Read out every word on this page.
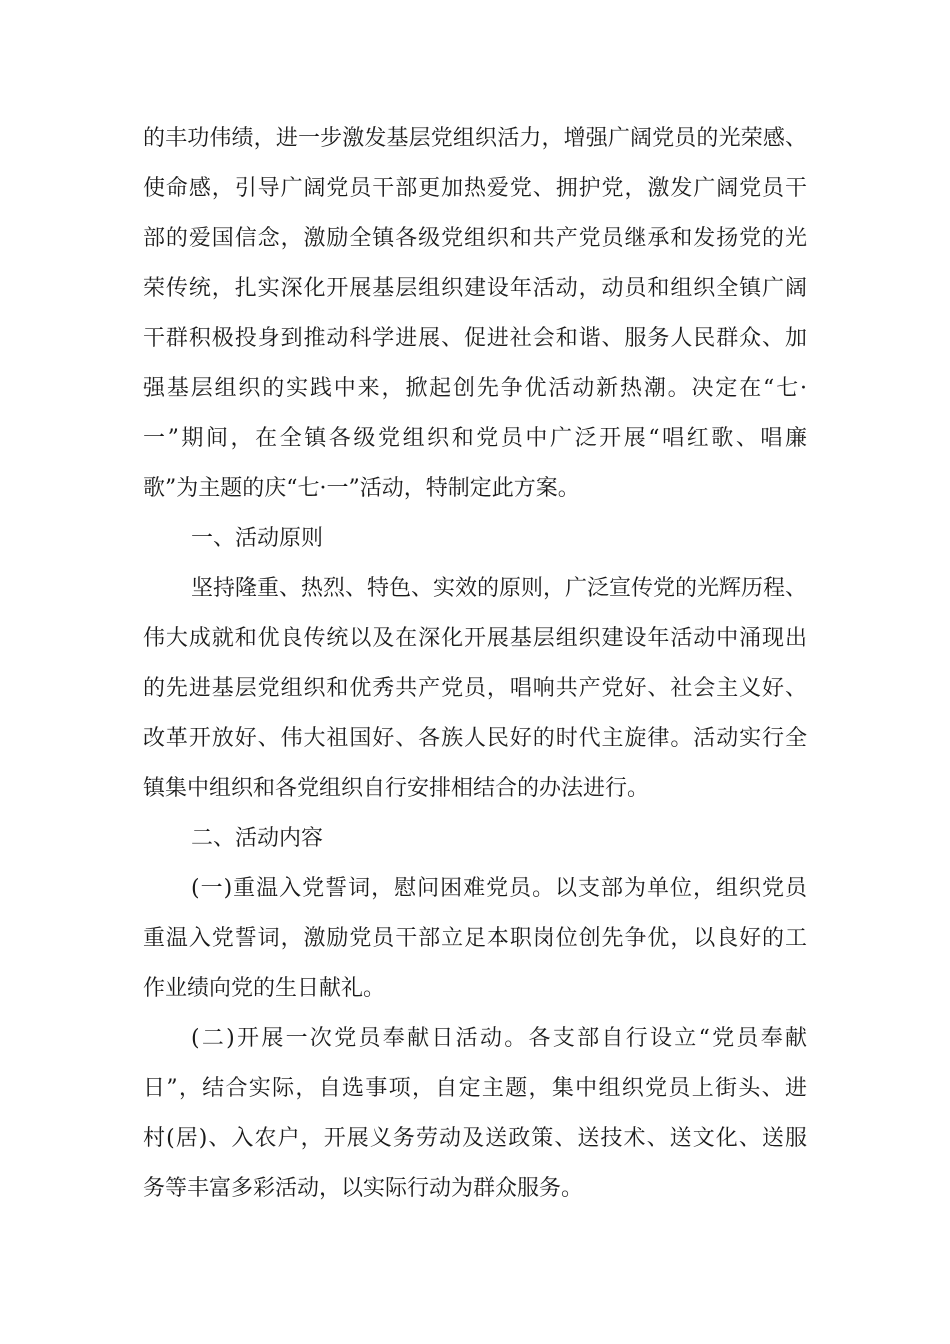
的丰功伟绩，进一步激发基层党组织活力，增强广阔党员的光荣感、
使命感，引导广阔党员干部更加热爱党、拥护党，激发广阔党员干
部的爱国信念，激励全镇各级党组织和共产党员继承和发扬党的光
荣传统，扎实深化开展基层组织建设年活动，动员和组织全镇广阔
干群积极投身到推动科学进展、促进社会和谐、服务人民群众、加
强基层组织的实践中来，掀起创先争优活动新热潮。决定在“七·
一”期间，在全镇各级党组织和党员中广泛开展“唱红歌、唱廉
歌”为主题的庆“七·一”活动，特制定此方案。
一、活动原则
坚持隆重、热烈、特色、实效的原则，广泛宣传党的光辉历程、
伟大成就和优良传统以及在深化开展基层组织建设年活动中涌现出
的先进基层党组织和优秀共产党员，唱响共产党好、社会主义好、
改革开放好、伟大祖国好、各族人民好的时代主旋律。活动实行全
镇集中组织和各党组织自行安排相结合的办法进行。
二、活动内容
(一)重温入党誓词，慰问困难党员。以支部为单位，组织党员
重温入党誓词，激励党员干部立足本职岗位创先争优，以良好的工
作业绩向党的生日献礼。
(二)开展一次党员奉献日活动。各支部自行设立“党员奉献
日”，结合实际，自选事项，自定主题，集中组织党员上街头、进
村(居)、入农户，开展义务劳动及送政策、送技术、送文化、送服
务等丰富多彩活动，以实际行动为群众服务。
